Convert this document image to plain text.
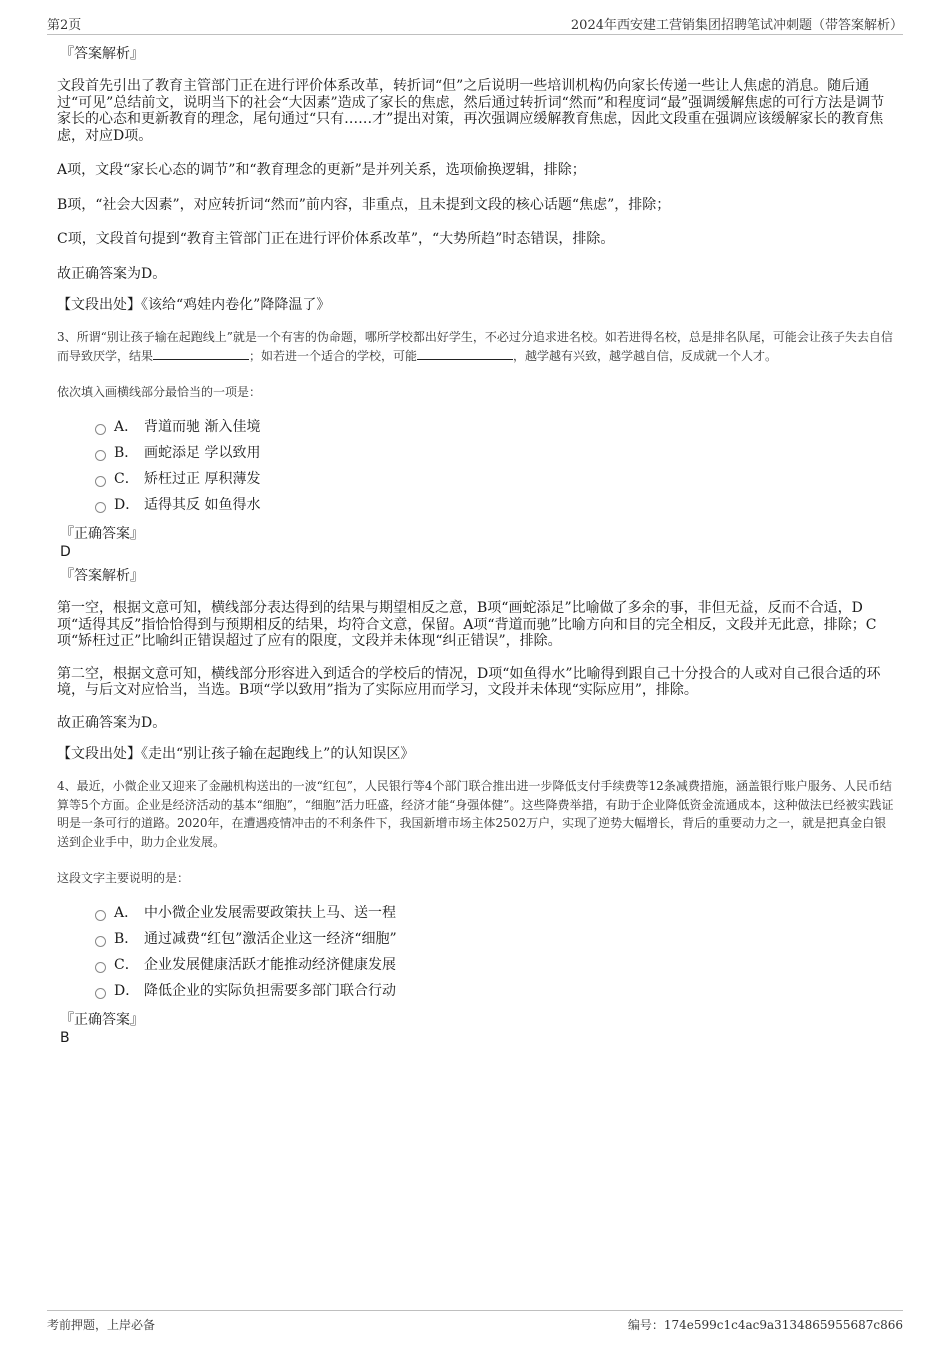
第2页	2024年西安建工营销集团招聘笔试冲刺题（带答案解析）
『答案解析』

文段首先引出了教育主管部门正在进行评价体系改革，转折词“但”之后说明一些培训机构仍向家长传递一些让人焦虑的消息。随后通过“可见”总结前文，说明当下的社会“大因素”造成了家长的焦虑，然后通过转折词“然而”和程度词“最”强调缓解焦虑的可行方法是调节家长的心态和更新教育的理念，尾句通过“只有……才”提出对策，再次强调应缓解教育焦虑，因此文段重在强调应该缓解家长的教育焦虑，对应D项。

A项，文段“家长心态的调节”和“教育理念的更新”是并列关系，选项偷换逻辑，排除；

B项，“社会大因素”，对应转折词“然而”前内容，非重点，且未提到文段的核心话题“焦虑”，排除；

C项，文段首句提到“教育主管部门正在进行评价体系改革”，“大势所趋”时态错误，排除。

故正确答案为D。

【文段出处】《该给“鸡娃内卷化”降降温了》

3、所谓“别让孩子输在起跑线上”就是一个有害的伪命题，哪所学校都出好学生，不必过分追求进名校。如若进得名校，总是排名队尾，可能会让孩子失去自信而导致厌学，结果	；如若进一个适合的学校，可能	，越学越有兴致，越学越自信，反成就一个人才。

依次填入画横线部分最恰当的一项是：

A． 背道而驰 渐入佳境
B． 画蛇添足 学以致用
C． 矫枉过正 厚积薄发
D． 适得其反 如鱼得水
『正确答案』
D
『答案解析』

第一空，根据文意可知，横线部分表达得到的结果与期望相反之意，B项“画蛇添足”比喻做了多余的事，非但无益，反而不合适，D项“适得其反”指恰恰得到与预期相反的结果，均符合文意，保留。A项“背道而驰”比喻方向和目的完全相反，文段并无此意，排除；C项“矫枉过正”比喻纠正错误超过了应有的限度，文段并未体现“纠正错误”，排除。

第二空，根据文意可知，横线部分形容进入到适合的学校后的情况，D项“如鱼得水”比喻得到跟自己十分投合的人或对自己很合适的环境，与后文对应恰当，当选。B项“学以致用”指为了实际应用而学习，文段并未体现“实际应用”，排除。

故正确答案为D。

【文段出处】《走出“别让孩子输在起跑线上”的认知误区》

4、最近，小微企业又迎来了金融机构送出的一波“红包”，人民银行等4个部门联合推出进一步降低支付手续费等12条减费措施，涵盖银行账户服务、人民币结算等5个方面。企业是经济活动的基本“细胞”，“细胞”活力旺盛，经济才能“身强体健”。这些降费举措，有助于企业降低资金流通成本，这种做法已经被实践证明是一条可行的道路。2020年，在遭遇疫情冲击的不利条件下，我国新增市场主体2502万户，实现了逆势大幅增长，背后的重要动力之一，就是把真金白银送到企业手中，助力企业发展。

这段文字主要说明的是：

A． 中小微企业发展需要政策扶上马、送一程
B． 通过减费“红包”激活企业这一经济“细胞”
C． 企业发展健康活跃才能推动经济健康发展
D． 降低企业的实际负担需要多部门联合行动
『正确答案』
B
考前押题，上岸必备	编号：174e599c1c4ac9a3134865955687c866
